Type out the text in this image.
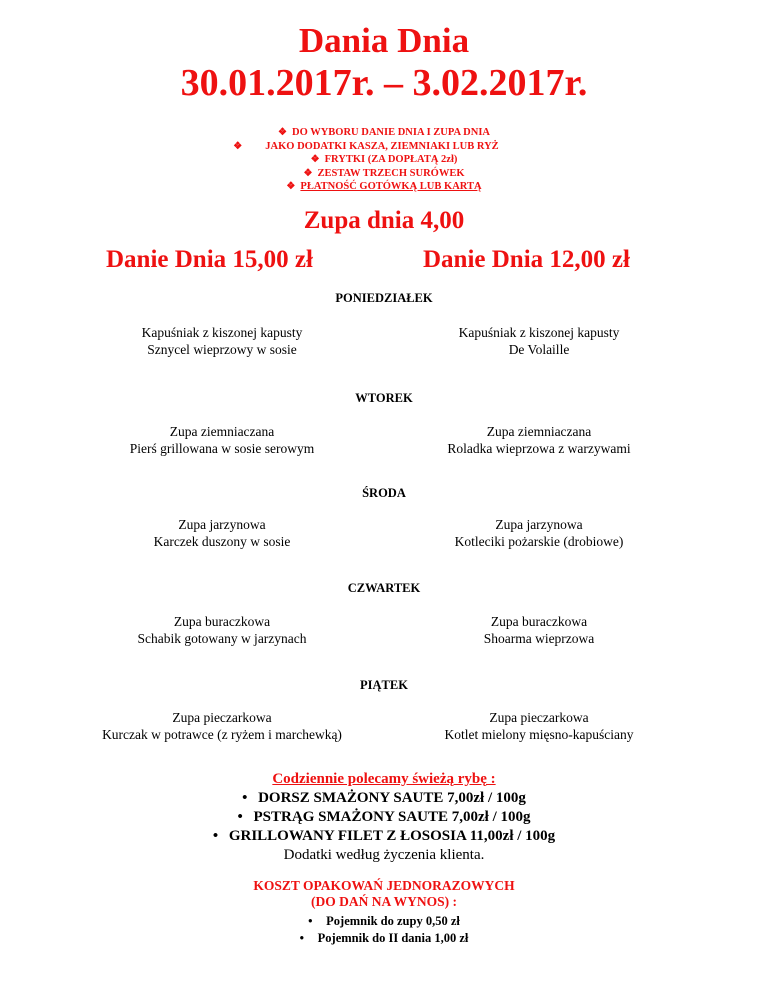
Dania Dnia
30.01.2017r. – 3.02.2017r.
❖ DO WYBORU DANIE DNIA I ZUPA DNIA
❖ JAKO DODATKI KASZA, ZIEMNIAKI LUB RYŻ
❖ FRYTKI (ZA DOPŁATĄ 2zł)
❖ ZESTAW TRZECH SURÓWEK
❖ PŁATNOŚĆ GOTÓWKĄ LUB KARTĄ
Zupa dnia 4,00
Danie Dnia 15,00 zł	Danie Dnia 12,00 zł
PONIEDZIAŁEK
Kapuśniak z kiszonej kapusty
Sznycel wieprzowy w sosie
Kapuśniak z kiszonej kapusty
De Volaille
WTOREK
Zupa ziemniaczana
Pierś grillowana w sosie serowym
Zupa ziemniaczana
Roladka wieprzowa z warzywami
ŚRODA
Zupa jarzynowa
Karczek duszony w sosie
Zupa jarzynowa
Kotleciki pożarskie (drobiowe)
CZWARTEK
Zupa buraczkowa
Schabik gotowany w jarzynach
Zupa buraczkowa
Shoarma wieprzowa
PIĄTEK
Zupa pieczarkowa
Kurczak w potrawce (z ryżem i marchewką)
Zupa pieczarkowa
Kotlet mielony mięsno-kapuściany
Codziennie polecamy świeżą rybę :
• DORSZ SMAŻONY SAUTE 7,00zł / 100g
• PSTRĄG SMAŻONY SAUTE 7,00zł / 100g
• GRILLOWANY FILET Z ŁOSOSIA 11,00zł / 100g
Dodatki według życzenia klienta.
KOSZT OPAKOWAŃ JEDNORAZOWYCH
(DO DAŃ NA WYNOS) :
• Pojemnik do zupy 0,50 zł
• Pojemnik do II dania 1,00 zł
